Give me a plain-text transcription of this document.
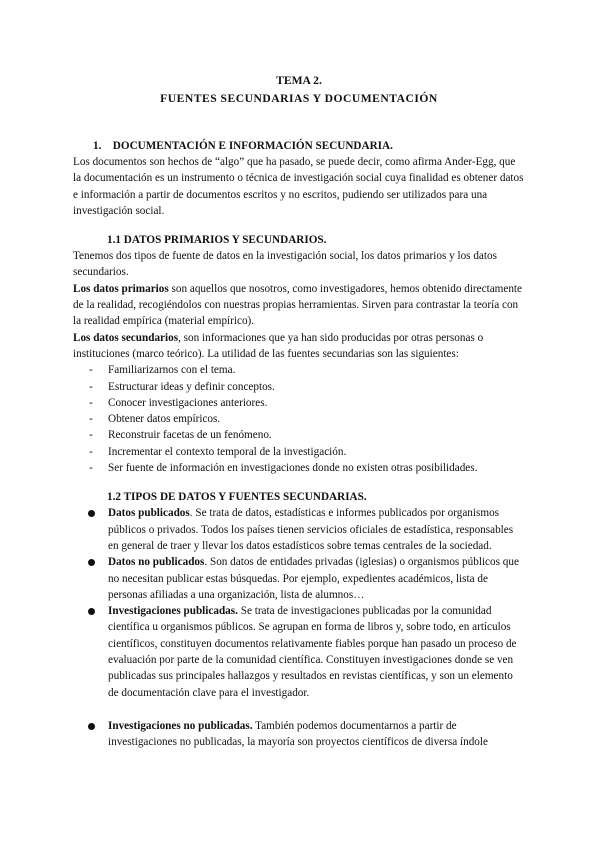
TEMA 2.
FUENTES SECUNDARIAS Y DOCUMENTACIÓN
1. DOCUMENTACIÓN E INFORMACIÓN SECUNDARIA.

Los documentos son hechos de “algo” que ha pasado, se puede decir, como afirma Ander-Egg, que la documentación es un instrumento o técnica de investigación social cuya finalidad es obtener datos e información a partir de documentos escritos y no escritos, pudiendo ser utilizados para una investigación social.

1.1 DATOS PRIMARIOS Y SECUNDARIOS.

Tenemos dos tipos de fuente de datos en la investigación social, los datos primarios y los datos secundarios.

Los datos primarios son aquellos que nosotros, como investigadores, hemos obtenido directamente de la realidad, recogiéndolos con nuestras propias herramientas. Sirven para contrastar la teoría con la realidad empírica (material empírico).

Los datos secundarios, son informaciones que ya han sido producidas por otras personas o instituciones (marco teórico). La utilidad de las fuentes secundarias son las siguientes:

- Familiarizarnos con el tema.
- Estructurar ideas y definir conceptos.
- Conocer investigaciones anteriores.
- Obtener datos empíricos.
- Reconstruir facetas de un fenómeno.
- Incrementar el contexto temporal de la investigación.
- Ser fuente de información en investigaciones donde no existen otras posibilidades.
1.2 TIPOS DE DATOS Y FUENTES SECUNDARIAS.
Datos publicados. Se trata de datos, estadísticas e informes publicados por organismos públicos o privados. Todos los países tienen servicios oficiales de estadística, responsables en general de traer y llevar los datos estadísticos sobre temas centrales de la sociedad.
Datos no publicados. Son datos de entidades privadas (iglesias) o organismos públicos que no necesitan publicar estas búsquedas. Por ejemplo, expedientes académicos, lista de personas afiliadas a una organización, lista de alumnos…
Investigaciones publicadas. Se trata de investigaciones publicadas por la comunidad científica u organismos públicos. Se agrupan en forma de libros y, sobre todo, en artículos científicos, constituyen documentos relativamente fiables porque han pasado un proceso de evaluación por parte de la comunidad científica. Constituyen investigaciones donde se ven publicadas sus principales hallazgos y resultados en revistas científicas, y son un elemento de documentación clave para el investigador.
Investigaciones no publicadas. También podemos documentarnos a partir de investigaciones no publicadas, la mayoría son proyectos científicos de diversa índole
